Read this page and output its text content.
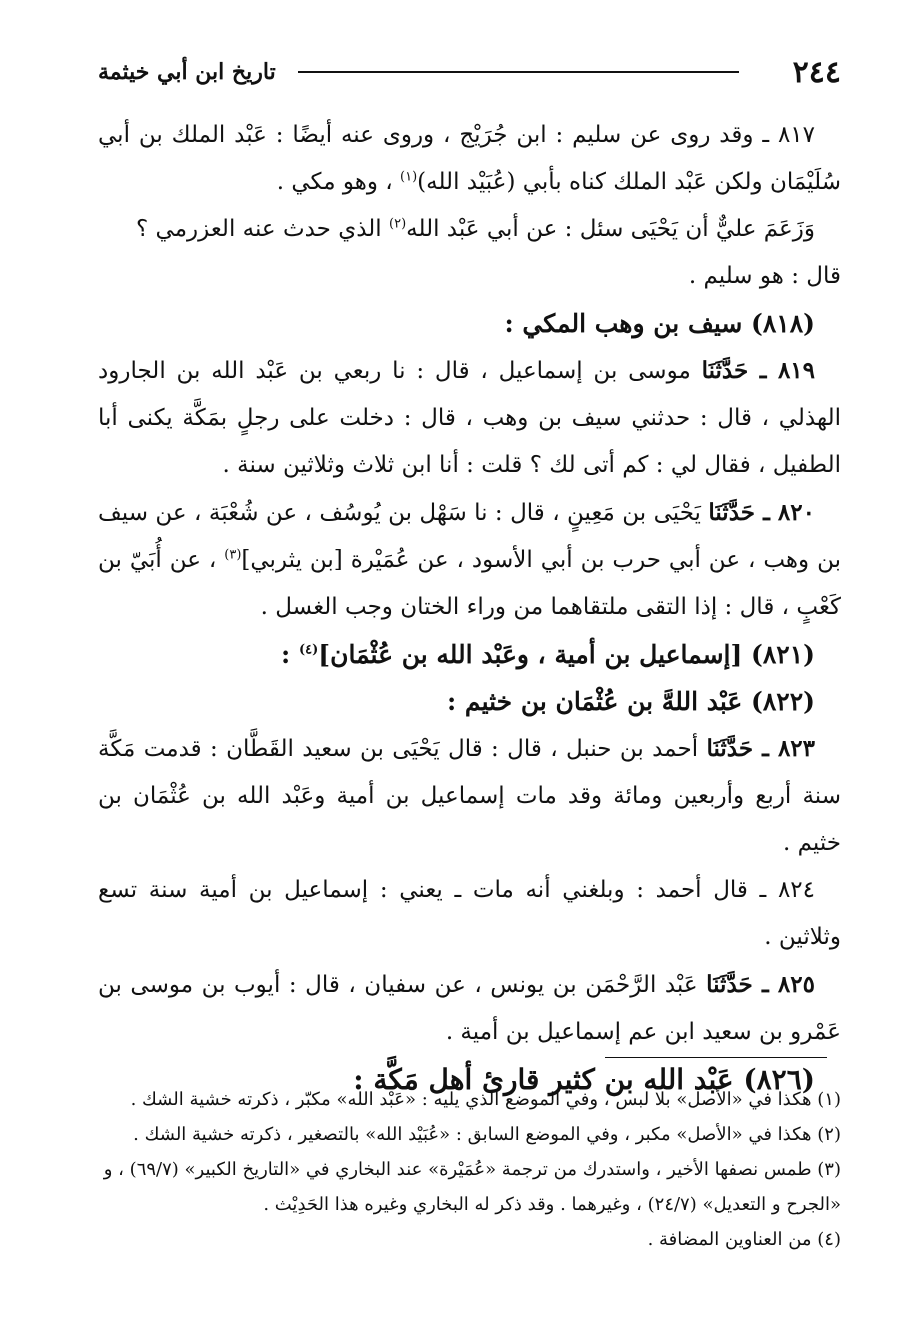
٢٤٤
تاريخ ابن أبي خيثمة

٨١٧ ـ وقد روى عن سليم : ابن جُرَيْج ، وروى عنه أيضًا : عَبْد الملك بن أبي سُلَيْمَان ولكن عَبْد الملك كناه بأبي (عُبَيْد الله)$^{(١)}$ ، وهو مكي .

وَزَعَمَ عليٌّ أن يَحْيَى سئل : عن أبي عَبْد الله$^{(٢)}$ الذي حدث عنه العزرمي ؟

قال : هو سليم .

(٨١٨) سيف بن وهب المكي :

٨١٩ ـ حَدَّثَنَا موسى بن إسماعيل ، قال : نا ربعي بن عَبْد الله بن الجارود الهذلي ، قال : حدثني سيف بن وهب ، قال : دخلت على رجلٍ بمَكَّة يكنى أبا الطفيل ، فقال لي : كم أتى لك ؟ قلت : أنا ابن ثلاث وثلاثين سنة .

٨٢٠ ـ حَدَّثَنَا يَحْيَى بن مَعِينٍ ، قال : نا سَهْل بن يُوسُف ، عن شُعْبَة ، عن سيف بن وهب ، عن أبي حرب بن أبي الأسود ، عن عُمَيْرة [بن يثربي]$^{(٣)}$ ، عن أُبَيّ بن كَعْبٍ ، قال : إذا التقى ملتقاهما من وراء الختان وجب الغسل .

(٨٢١) [إسماعيل بن أمية ، وعَبْد الله بن عُثْمَان]$^{(٤)}$ :

(٨٢٢) عَبْد اللهَّ بن عُثْمَان بن خثيم :

٨٢٣ ـ حَدَّثَنَا أحمد بن حنبل ، قال : قال يَحْيَى بن سعيد القَطَّان : قدمت مَكَّة سنة أربع وأربعين ومائة وقد مات إسماعيل بن أمية وعَبْد الله بن عُثْمَان بن خثيم .

٨٢٤ ـ قال أحمد : وبلغني أنه مات ـ يعني : إسماعيل بن أمية سنة تسع وثلاثين .

٨٢٥ ـ حَدَّثَنَا عَبْد الرَّحْمَن بن يونس ، عن سفيان ، قال : أيوب بن موسى بن عَمْرو بن سعيد ابن عم إسماعيل بن أمية .

(٨٢٦) عَبْد الله بن كثير قارئ أهل مَكَّة :

(١) هكذا في «الأصل» بلا لبس ، وفي الموضع الذي يليه : «عَبْد الله» مكبّر ، ذكرته خشية الشك .

(٢) هكذا في «الأصل» مكبر ، وفي الموضع السابق : «عُبَيْد الله» بالتصغير ، ذكرته خشية الشك .

(٣) طمس نصفها الأخير ، واستدرك من ترجمة «عُمَيْرة» عند البخاري في «التاريخ الكبير» (٦٩/٧) ، و «الجرح و التعديل» (٢٤/٧) ، وغيرهما . وقد ذكر له البخاري وغيره هذا الحَدِيْث .

(٤) من العناوين المضافة .
